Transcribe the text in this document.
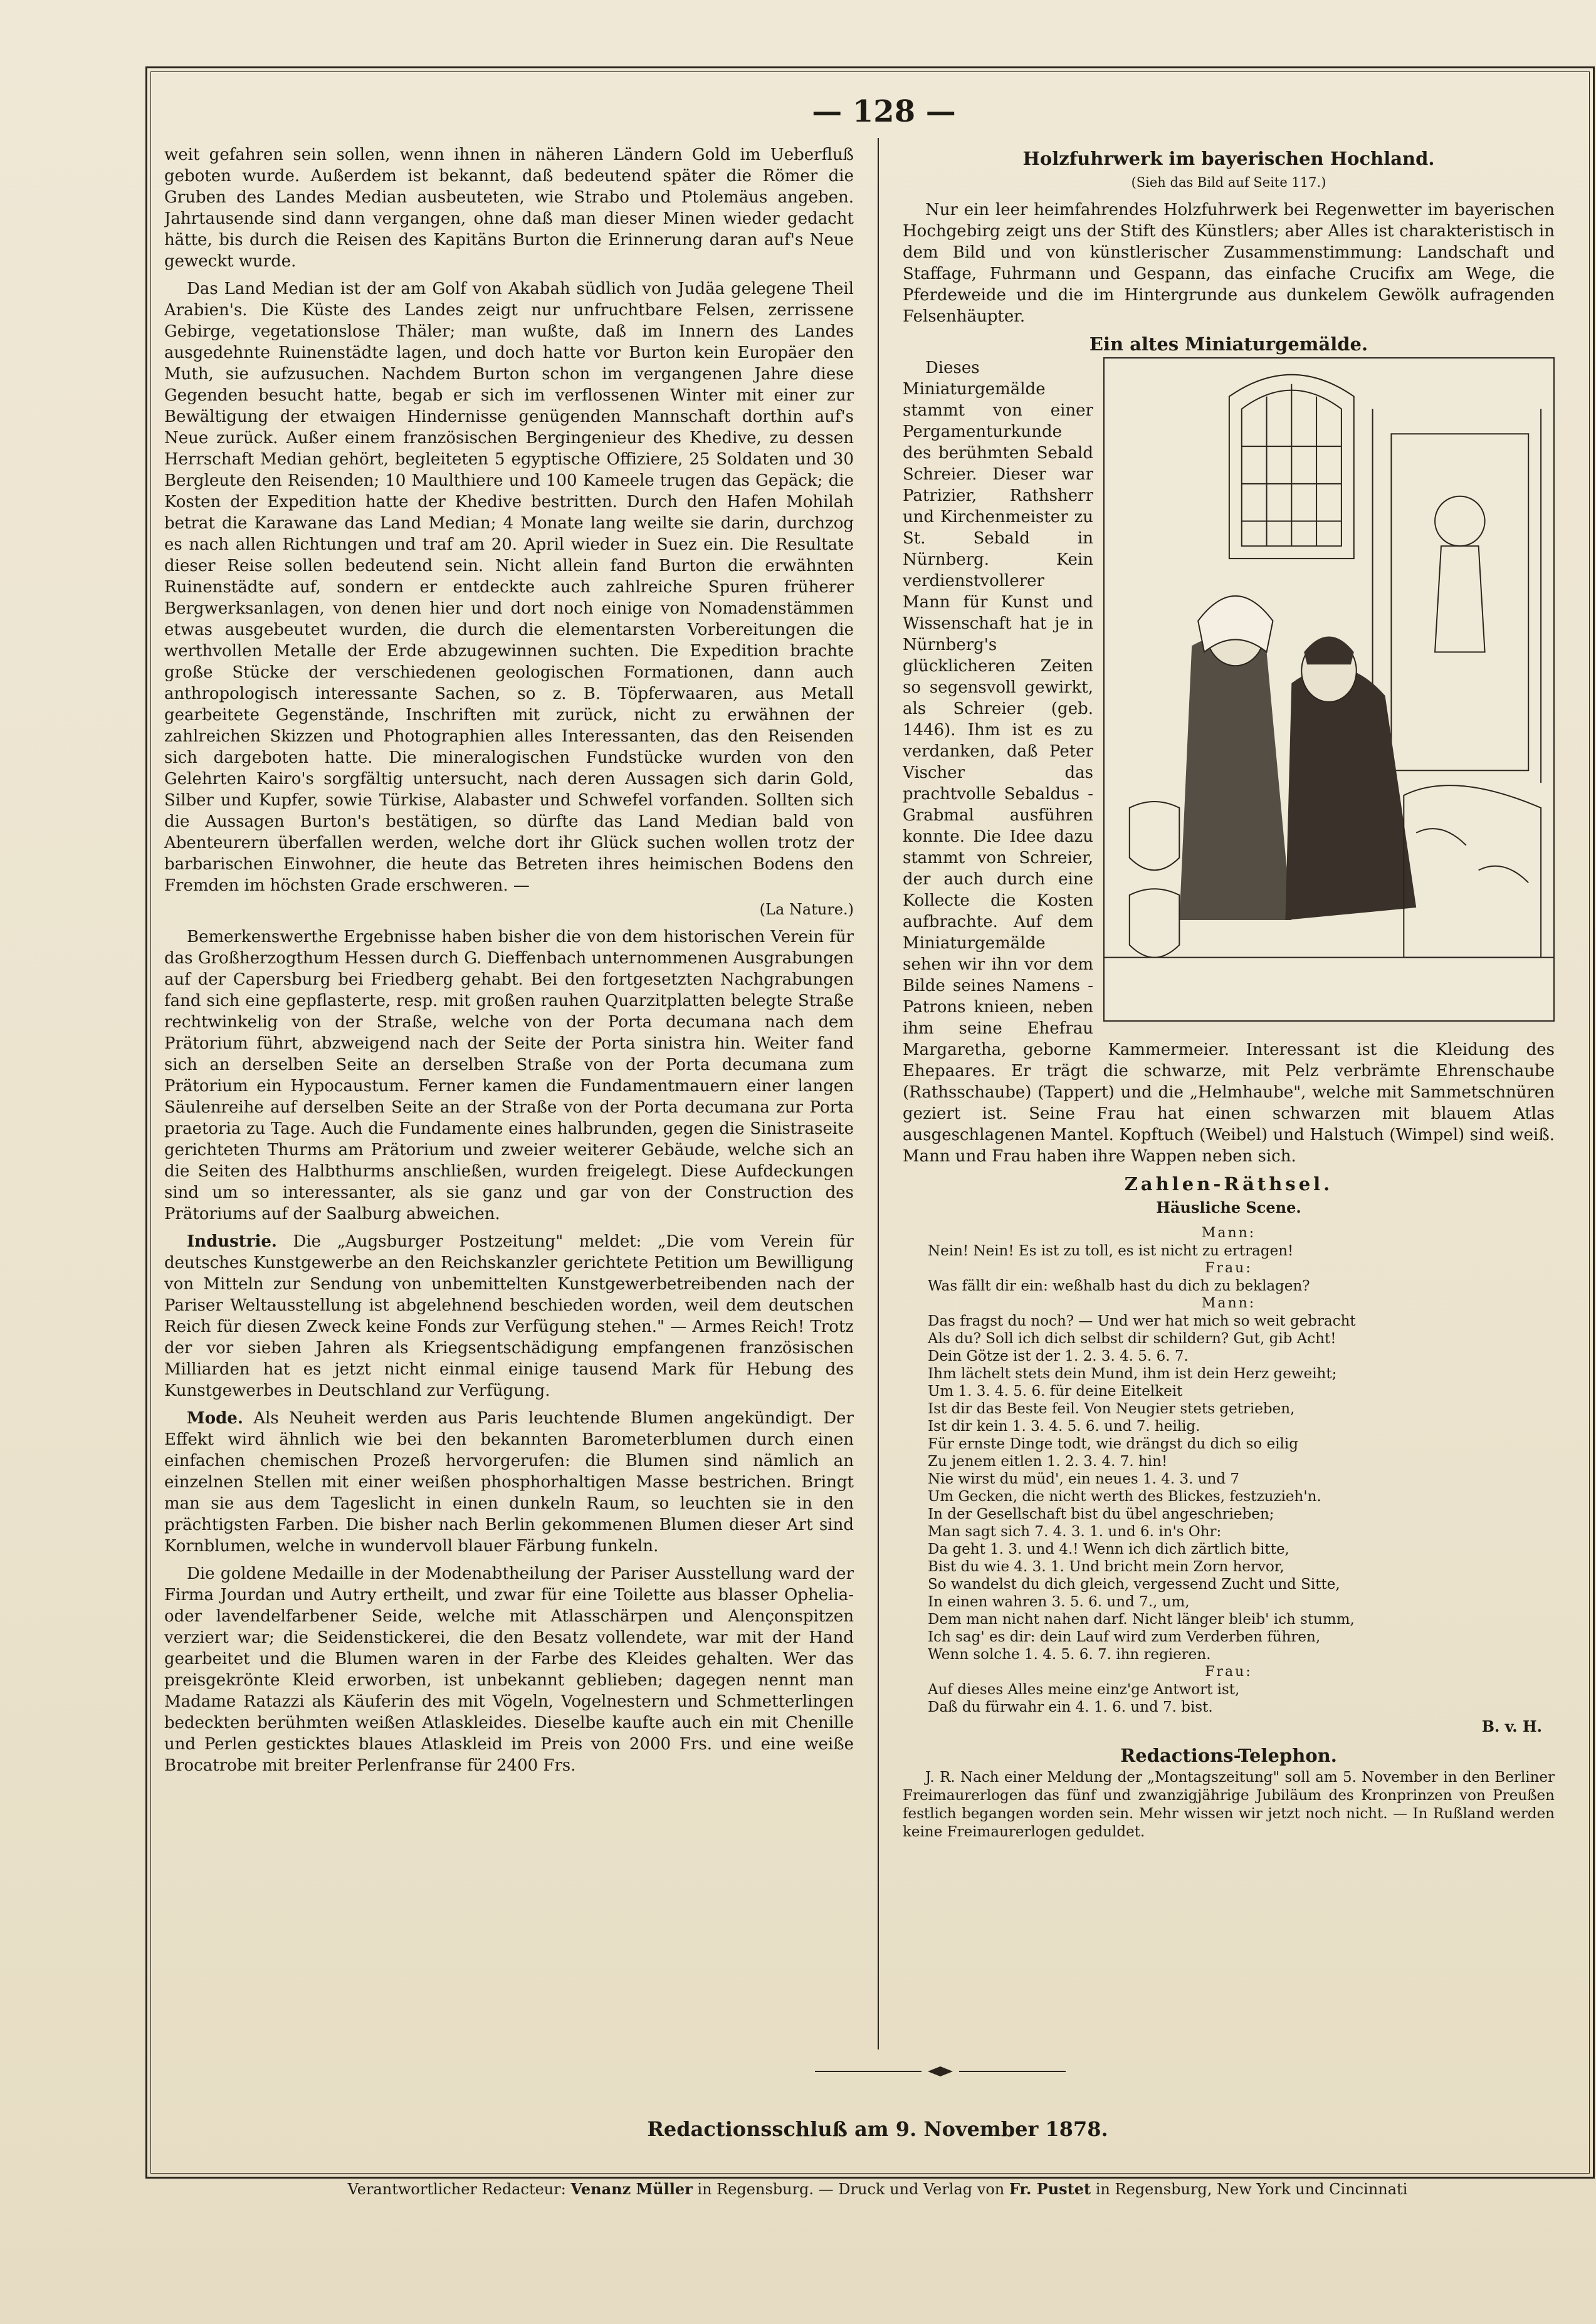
— 128 —

weit gefahren sein sollen, wenn ihnen in näheren Ländern Gold im Ueberfluß geboten wurde. Außerdem ist bekannt, daß bedeutend später die Römer die Gruben des Landes Median ausbeuteten, wie Strabo und Ptolemäus angeben. Jahrtausende sind dann vergangen, ohne daß man dieser Minen wieder gedacht hätte, bis durch die Reisen des Kapitäns Burton die Erinnerung daran auf's Neue geweckt wurde.

Das Land Median ist der am Golf von Akabah südlich von Judäa gelegene Theil Arabien's. Die Küste des Landes zeigt nur unfruchtbare Felsen, zerrissene Gebirge, vegetationslose Thäler; man wußte, daß im Innern des Landes ausgedehnte Ruinenstädte lagen, und doch hatte vor Burton kein Europäer den Muth, sie aufzusuchen. Nachdem Burton schon im vergangenen Jahre diese Gegenden besucht hatte, begab er sich im verflossenen Winter mit einer zur Bewältigung der etwaigen Hindernisse genügenden Mannschaft dorthin auf's Neue zurück. Außer einem französischen Bergingenieur des Khedive, zu dessen Herrschaft Median gehört, begleiteten 5 egyptische Offiziere, 25 Soldaten und 30 Bergleute den Reisenden; 10 Maulthiere und 100 Kameele trugen das Gepäck; die Kosten der Expedition hatte der Khedive bestritten. Durch den Hafen Mohilah betrat die Karawane das Land Median; 4 Monate lang weilte sie darin, durchzog es nach allen Richtungen und traf am 20. April wieder in Suez ein. Die Resultate dieser Reise sollen bedeutend sein. Nicht allein fand Burton die erwähnten Ruinenstädte auf, sondern er entdeckte auch zahlreiche Spuren früherer Bergwerksanlagen, von denen hier und dort noch einige von Nomadenstämmen etwas ausgebeutet wurden, die durch die elementarsten Vorbereitungen die werthvollen Metalle der Erde abzugewinnen suchten. Die Expedition brachte große Stücke der verschiedenen geologischen Formationen, dann auch anthropologisch interessante Sachen, so z. B. Töpferwaaren, aus Metall gearbeitete Gegenstände, Inschriften mit zurück, nicht zu erwähnen der zahlreichen Skizzen und Photographien alles Interessanten, das den Reisenden sich dargeboten hatte. Die mineralogischen Fundstücke wurden von den Gelehrten Kairo's sorgfältig untersucht, nach deren Aussagen sich darin Gold, Silber und Kupfer, sowie Türkise, Alabaster und Schwefel vorfanden. Sollten sich die Aussagen Burton's bestätigen, so dürfte das Land Median bald von Abenteurern überfallen werden, welche dort ihr Glück suchen wollen trotz der barbarischen Einwohner, die heute das Betreten ihres heimischen Bodens den Fremden im höchsten Grade erschweren. —

(La Nature.)

Bemerkenswerthe Ergebnisse haben bisher die von dem historischen Verein für das Großherzogthum Hessen durch G. Dieffenbach unternommenen Ausgrabungen auf der Capersburg bei Friedberg gehabt. Bei den fortgesetzten Nachgrabungen fand sich eine gepflasterte, resp. mit großen rauhen Quarzitplatten belegte Straße rechtwinkelig von der Straße, welche von der Porta decumana nach dem Prätorium führt, abzweigend nach der Seite der Porta sinistra hin. Weiter fand sich an derselben Seite an derselben Straße von der Porta decumana zum Prätorium ein Hypocaustum. Ferner kamen die Fundamentmauern einer langen Säulenreihe auf derselben Seite an der Straße von der Porta decumana zur Porta praetoria zu Tage. Auch die Fundamente eines halbrunden, gegen die Sinistraseite gerichteten Thurms am Prätorium und zweier weiterer Gebäude, welche sich an die Seiten des Halbthurms anschließen, wurden freigelegt. Diese Aufdeckungen sind um so interessanter, als sie ganz und gar von der Construction des Prätoriums auf der Saalburg abweichen.

Industrie. Die „Augsburger Postzeitung" meldet: „Die vom Verein für deutsches Kunstgewerbe an den Reichskanzler gerichtete Petition um Bewilligung von Mitteln zur Sendung von unbemittelten Kunstgewerbetreibenden nach der Pariser Weltausstellung ist abgelehnend beschieden worden, weil dem deutschen Reich für diesen Zweck keine Fonds zur Verfügung stehen." — Armes Reich! Trotz der vor sieben Jahren als Kriegsentschädigung empfangenen französischen Milliarden hat es jetzt nicht einmal einige tausend Mark für Hebung des Kunstgewerbes in Deutschland zur Verfügung.

Mode. Als Neuheit werden aus Paris leuchtende Blumen angekündigt. Der Effekt wird ähnlich wie bei den bekannten Barometerblumen durch einen einfachen chemischen Prozeß hervorgerufen: die Blumen sind nämlich an einzelnen Stellen mit einer weißen phosphorhaltigen Masse bestrichen. Bringt man sie aus dem Tageslicht in einen dunkeln Raum, so leuchten sie in den prächtigsten Farben. Die bisher nach Berlin gekommenen Blumen dieser Art sind Kornblumen, welche in wundervoll blauer Färbung funkeln.

Die goldene Medaille in der Modenabtheilung der Pariser Ausstellung ward der Firma Jourdan und Autry ertheilt, und zwar für eine Toilette aus blasser Ophelia- oder lavendelfarbener Seide, welche mit Atlasschärpen und Alençonspitzen verziert war; die Seidenstickerei, die den Besatz vollendete, war mit der Hand gearbeitet und die Blumen waren in der Farbe des Kleides gehalten. Wer das preisgekrönte Kleid erworben, ist unbekannt geblieben; dagegen nennt man Madame Ratazzi als Käuferin des mit Vögeln, Vogelnestern und Schmetterlingen bedeckten berühmten weißen Atlaskleides. Dieselbe kaufte auch ein mit Chenille und Perlen gesticktes blaues Atlaskleid im Preis von 2000 Frs. und eine weiße Brocatrobe mit breiter Perlenfranse für 2400 Frs.

Holzfuhrwerk im bayerischen Hochland.
(Sieh das Bild auf Seite 117.)

Nur ein leer heimfahrendes Holzfuhrwerk bei Regenwetter im bayerischen Hochgebirg zeigt uns der Stift des Künstlers; aber Alles ist charakteristisch in dem Bild und von künstlerischer Zusammenstimmung: Landschaft und Staffage, Fuhrmann und Gespann, das einfache Crucifix am Wege, die Pferdeweide und die im Hintergrunde aus dunkelem Gewölk aufragenden Felsenhäupter.

Ein altes Miniaturgemälde.

Dieses Miniaturgemälde stammt von einer Pergamenturkunde des berühmten Sebald Schreier. Dieser war Patrizier, Rathsherr und Kirchenmeister zu St. Sebald in Nürnberg. Kein verdienstvollerer Mann für Kunst und Wissenschaft hat je in Nürnberg's glücklicheren Zeiten so segensvoll gewirkt, als Schreier (geb. 1446). Ihm ist es zu verdanken, daß Peter Vischer das prachtvolle Sebaldus - Grabmal ausführen konnte. Die Idee dazu stammt von Schreier, der auch durch eine Kollecte die Kosten aufbrachte. Auf dem Miniaturgemälde sehen wir ihn vor dem Bilde seines Namens - Patrons knieen, neben ihm seine Ehefrau Margaretha, geborne Kammermeier. Interessant ist die Kleidung des Ehepaares. Er trägt die schwarze, mit Pelz verbrämte Ehrenschaube (Rathsschaube) (Tappert) und die „Helmhaube", welche mit Sammetschnüren geziert ist. Seine Frau hat einen schwarzen mit blauem Atlas ausgeschlagenen Mantel. Kopftuch (Weibel) und Halstuch (Wimpel) sind weiß. Mann und Frau haben ihre Wappen neben sich.

Zahlen-Räthsel.
Häusliche Scene.
Mann:
Nein! Nein! Es ist zu toll, es ist nicht zu ertragen!
Frau:
Was fällt dir ein: weßhalb hast du dich zu beklagen?
Mann:
Das fragst du noch? — Und wer hat mich so weit gebracht
Als du? Soll ich dich selbst dir schildern? Gut, gib Acht!
Dein Götze ist der 1. 2. 3. 4. 5. 6. 7.
Ihm lächelt stets dein Mund, ihm ist dein Herz geweiht;
Um 1. 3. 4. 5. 6. für deine Eitelkeit
Ist dir das Beste feil. Von Neugier stets getrieben,
Ist dir kein 1. 3. 4. 5. 6. und 7. heilig.
Für ernste Dinge todt, wie drängst du dich so eilig
Zu jenem eitlen 1. 2. 3. 4. 7. hin!
Nie wirst du müd', ein neues 1. 4. 3. und 7
Um Gecken, die nicht werth des Blickes, festzuzieh'n.
In der Gesellschaft bist du übel angeschrieben;
Man sagt sich 7. 4. 3. 1. und 6. in's Ohr:
Da geht 1. 3. und 4.! Wenn ich dich zärtlich bitte,
Bist du wie 4. 3. 1. Und bricht mein Zorn hervor,
So wandelst du dich gleich, vergessend Zucht und Sitte,
In einen wahren 3. 5. 6. und 7., um,
Dem man nicht nahen darf. Nicht länger bleib' ich stumm,
Ich sag' es dir: dein Lauf wird zum Verderben führen,
Wenn solche 1. 4. 5. 6. 7. ihn regieren.
Frau:
Auf dieses Alles meine einz'ge Antwort ist,
Daß du fürwahr ein 4. 1. 6. und 7. bist.
B. v. H.
Redactions-Telephon.

J. R. Nach einer Meldung der „Montagszeitung" soll am 5. November in den Berliner Freimaurerlogen das fünf und zwanzigjährige Jubiläum des Kronprinzen von Preußen festlich begangen worden sein. Mehr wissen wir jetzt noch nicht. — In Rußland werden keine Freimaurerlogen geduldet.

Redactionsschluß am 9. November 1878.
Verantwortlicher Redacteur: Venanz Müller in Regensburg. — Druck und Verlag von Fr. Pustet in Regensburg, New York und Cincinnati
